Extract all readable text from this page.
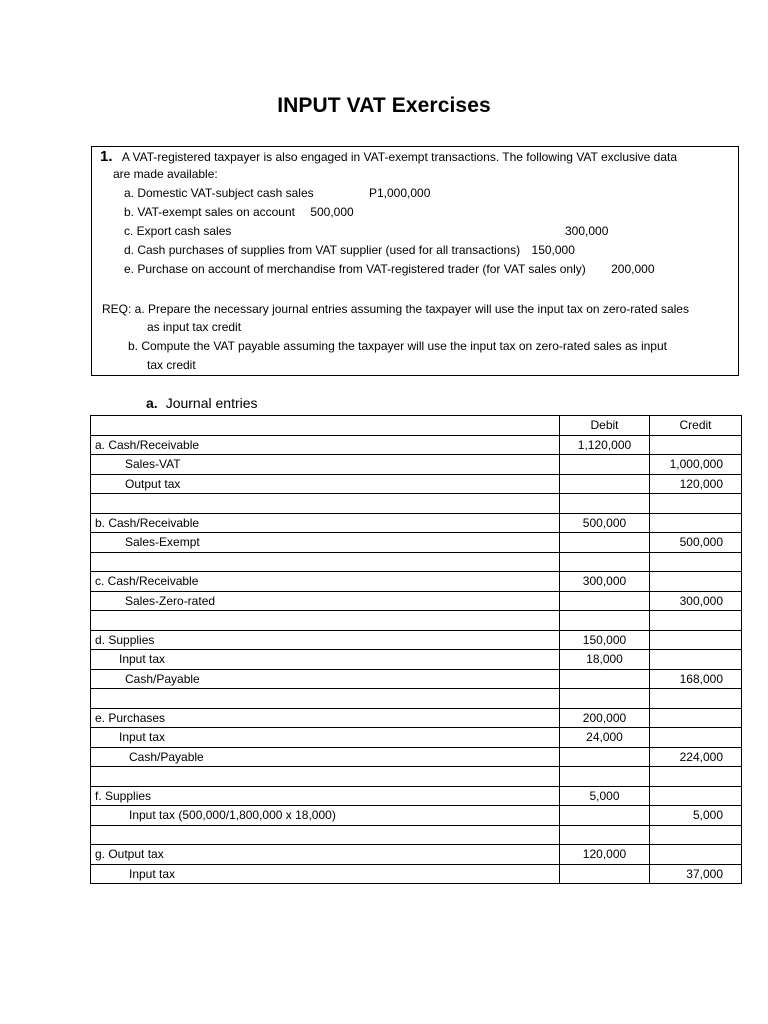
INPUT VAT Exercises
1. A VAT-registered taxpayer is also engaged in VAT-exempt transactions. The following VAT exclusive data
are made available:
a. Domestic VAT-subject cash sales	P1,000,000
b. VAT-exempt sales on account 500,000
c. Export cash sales	300,000
d. Cash purchases of supplies from VAT supplier (used for all transactions) 150,000
e. Purchase on account of merchandise from VAT-registered trader (for VAT sales only) 200,000
REQ: a. Prepare the necessary journal entries assuming the taxpayer will use the input tax on zero-rated sales
as input tax credit
b. Compute the VAT payable assuming the taxpayer will use the input tax on zero-rated sales as input
tax credit
a. Journal entries
	Debit	Credit
a. Cash/Receivable	1,120,000	
Sales-VAT		1,000,000
Output tax		120,000

b. Cash/Receivable	500,000	
Sales-Exempt		500,000

c. Cash/Receivable	300,000	
Sales-Zero-rated		300,000

d. Supplies	150,000	
Input tax	18,000	
Cash/Payable		168,000

e. Purchases	200,000	
Input tax	24,000	
Cash/Payable		224,000

f. Supplies	5,000	
Input tax (500,000/1,800,000 x 18,000)		5,000

g. Output tax	120,000	
Input tax		37,000
